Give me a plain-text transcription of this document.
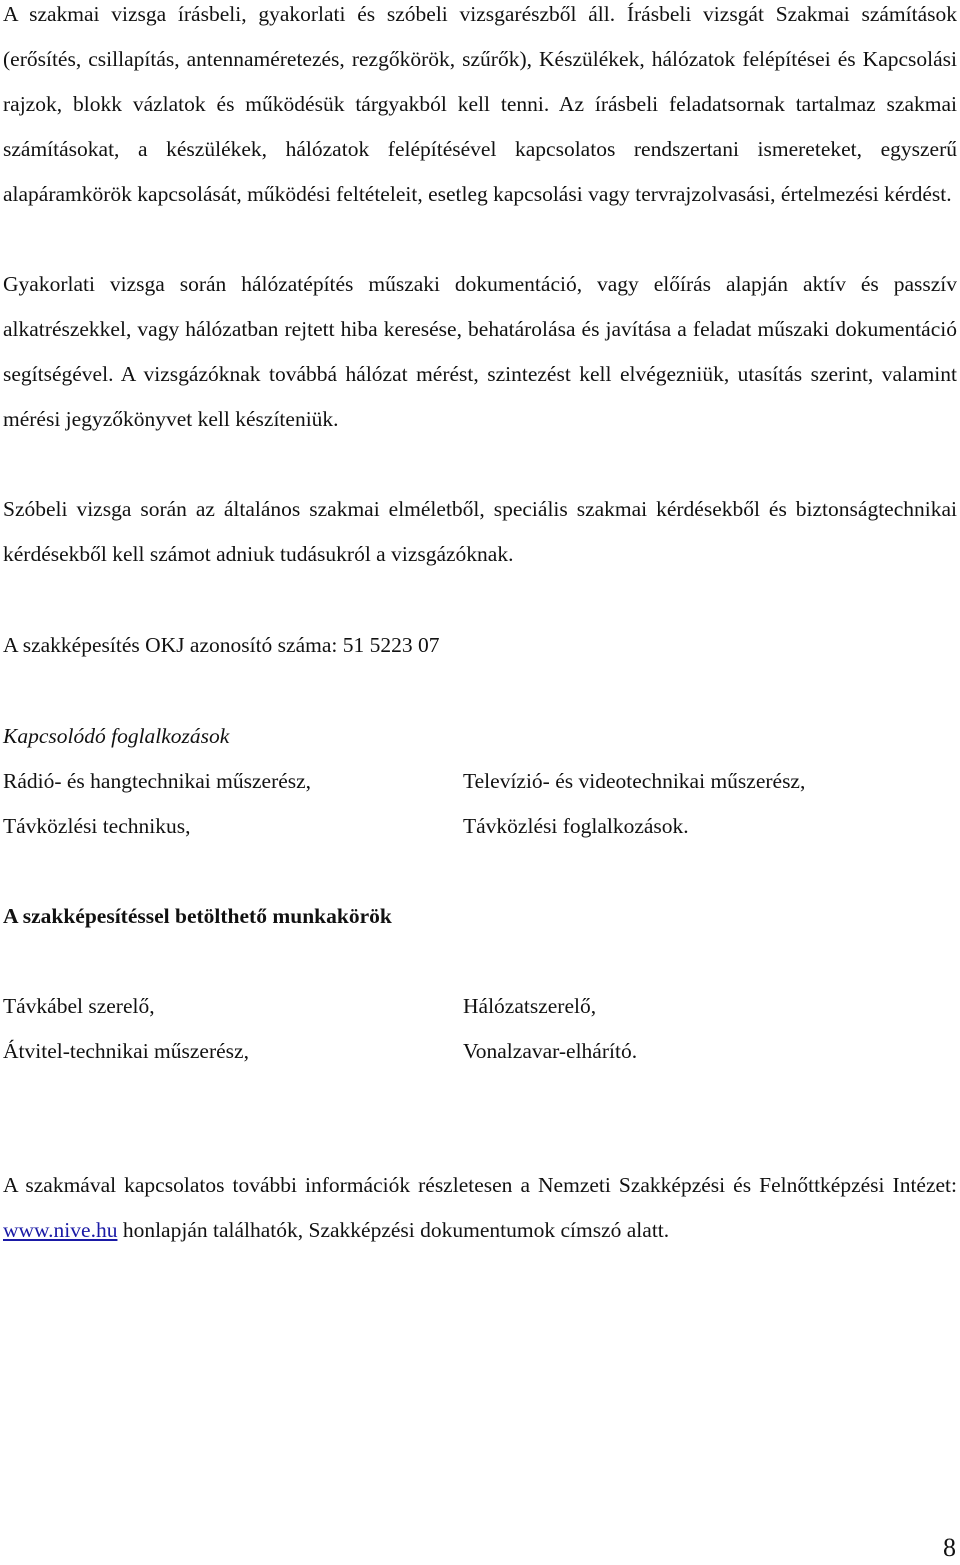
A szakmai vizsga írásbeli, gyakorlati és szóbeli vizsgarészből áll. Írásbeli vizsgát Szakmai számítások (erősítés, csillapítás, antennaméretezés, rezgőkörök, szűrők), Készülékek, hálózatok felépítései és Kapcsolási rajzok, blokk vázlatok és működésük tárgyakból kell tenni. Az írásbeli feladatsornak tartalmaz szakmai számításokat, a készülékek, hálózatok felépítésével kapcsolatos rendszertani ismereteket, egyszerű alapáramkörök kapcsolását, működési feltételeit, esetleg kapcsolási vagy tervrajzolvasási, értelmezési kérdést.

Gyakorlati vizsga során hálózatépítés műszaki dokumentáció, vagy előírás alapján aktív és passzív alkatrészekkel, vagy hálózatban rejtett hiba keresése, behatárolása és javítása a feladat műszaki dokumentáció segítségével. A vizsgázóknak továbbá hálózat mérést, szintezést kell elvégezniük, utasítás szerint, valamint mérési jegyzőkönyvet kell készíteniük.

Szóbeli vizsga során az általános szakmai elméletből, speciális szakmai kérdésekből és biztonságtechnikai kérdésekből kell számot adniuk tudásukról a vizsgázóknak.

A szakképesítés OKJ azonosító száma: 51 5223 07

Kapcsolódó foglalkozások

Rádió- és hangtechnikai műszerész,	Televízió- és videotechnikai műszerész,

Távközlési technikus,	Távközlési foglalkozások.

A szakképesítéssel betölthető munkakörök

Távkábel szerelő,	Hálózatszerelő,

Átvitel-technikai műszerész,	Vonalzavar-elhárító.

A szakmával kapcsolatos további információk részletesen a Nemzeti Szakképzési és Felnőttképzési Intézet: www.nive.hu honlapján találhatók, Szakképzési dokumentumok címszó alatt.

8
